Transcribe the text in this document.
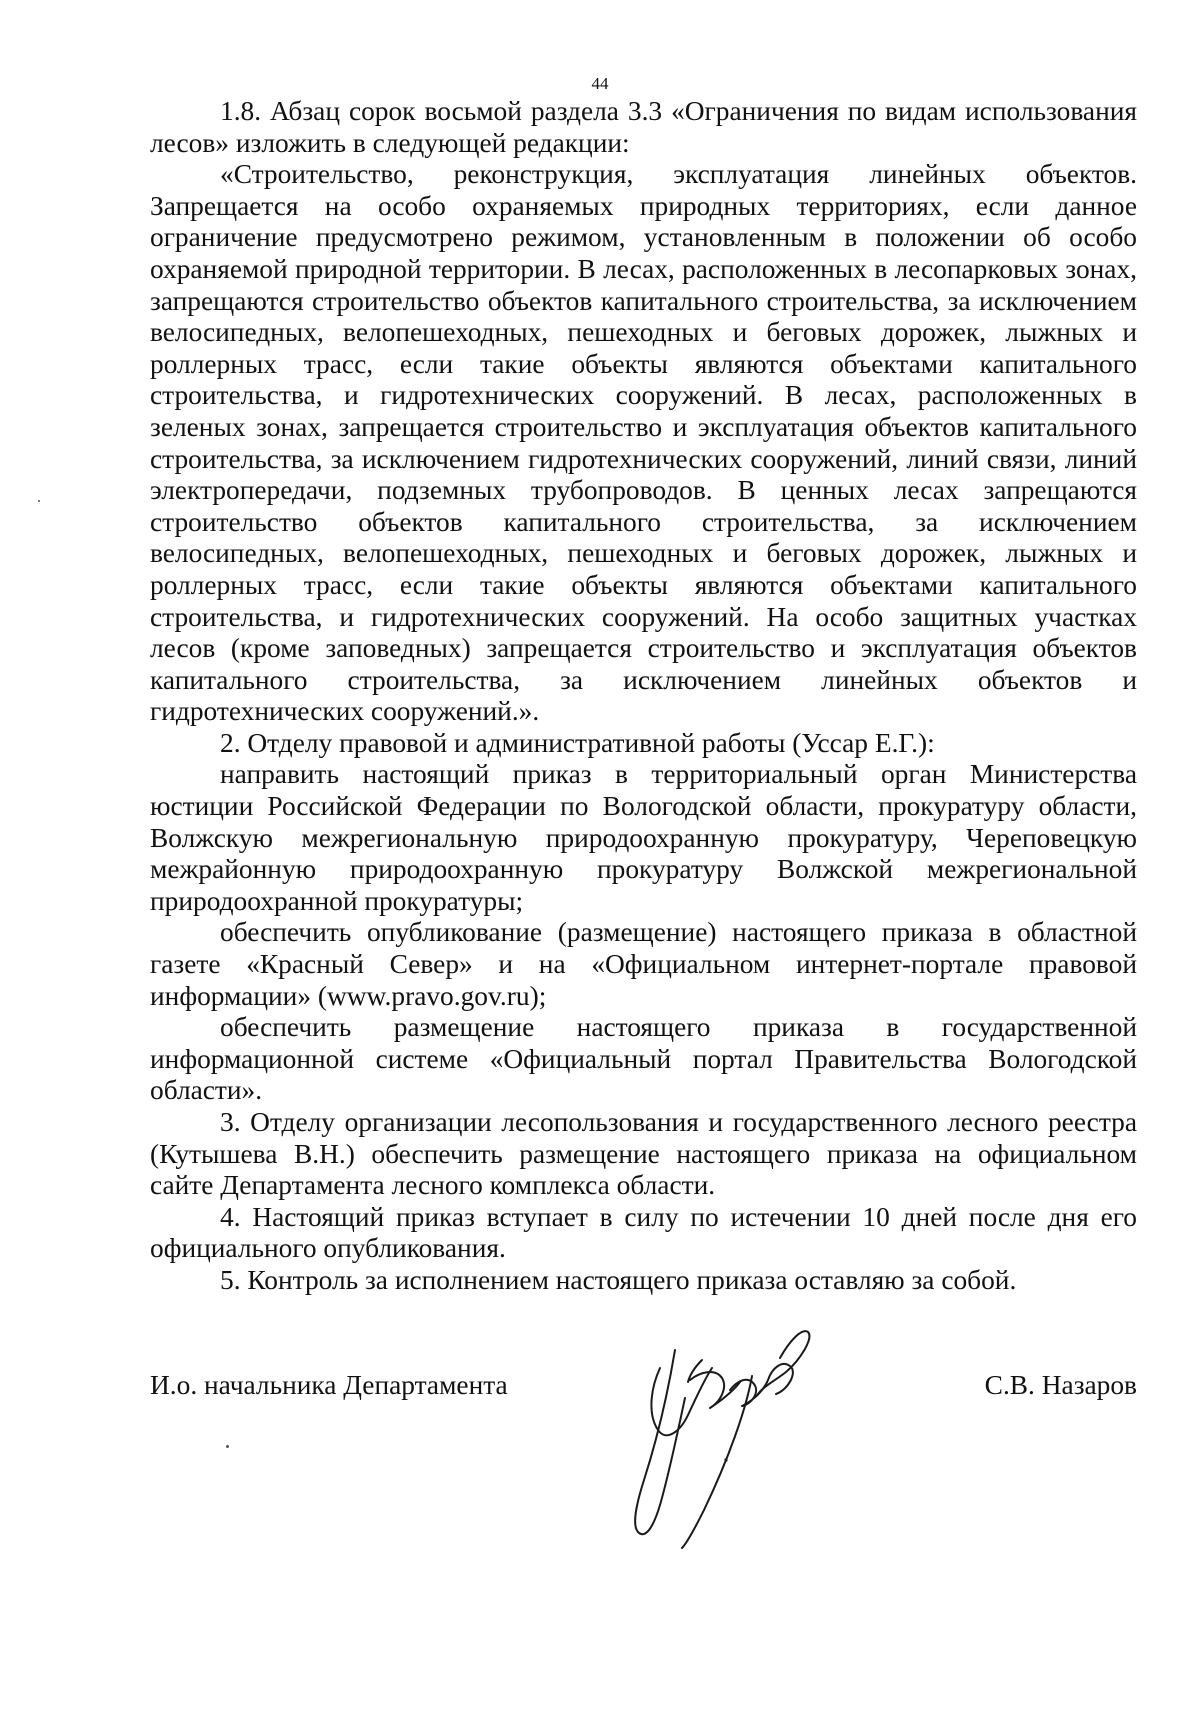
44

1.8. Абзац сорок восьмой раздела 3.3 «Ограничения по видам использования лесов» изложить в следующей редакции:

«Строительство, реконструкция, эксплуатация линейных объектов. Запрещается на особо охраняемых природных территориях, если данное ограничение предусмотрено режимом, установленным в положении об особо охраняемой природной территории. В лесах, расположенных в лесопарковых зонах, запрещаются строительство объектов капитального строительства, за исключением велосипедных, велопешеходных, пешеходных и беговых дорожек, лыжных и роллерных трасс, если такие объекты являются объектами капитального строительства, и гидротехнических сооружений. В лесах, расположенных в зеленых зонах, запрещается строительство и эксплуатация объектов капитального строительства, за исключением гидротехнических сооружений, линий связи, линий электропередачи, подземных трубопроводов. В ценных лесах запрещаются строительство объектов капитального строительства, за исключением велосипедных, велопешеходных, пешеходных и беговых дорожек, лыжных и роллерных трасс, если такие объекты являются объектами капитального строительства, и гидротехнических сооружений. На особо защитных участках лесов (кроме заповедных) запрещается строительство и эксплуатация объектов капитального строительства, за исключением линейных объектов и гидротехнических сооружений.».

2. Отделу правовой и административной работы (Уссар Е.Г.):

направить настоящий приказ в территориальный орган Министерства юстиции Российской Федерации по Вологодской области, прокуратуру области, Волжскую межрегиональную природоохранную прокуратуру, Череповецкую межрайонную природоохранную прокуратуру Волжской межрегиональной природоохранной прокуратуры;

обеспечить опубликование (размещение) настоящего приказа в областной газете «Красный Север» и на «Официальном интернет-портале правовой информации» (www.pravo.gov.ru);

обеспечить размещение настоящего приказа в государственной информационной системе «Официальный портал Правительства Вологодской области».

3. Отделу организации лесопользования и государственного лесного реестра (Кутышева В.Н.) обеспечить размещение настоящего приказа на официальном сайте Департамента лесного комплекса области.

4. Настоящий приказ вступает в силу по истечении 10 дней после дня его официального опубликования.

5. Контроль за исполнением настоящего приказа оставляю за собой.

И.о. начальника Департамента	С.В. Назаров
